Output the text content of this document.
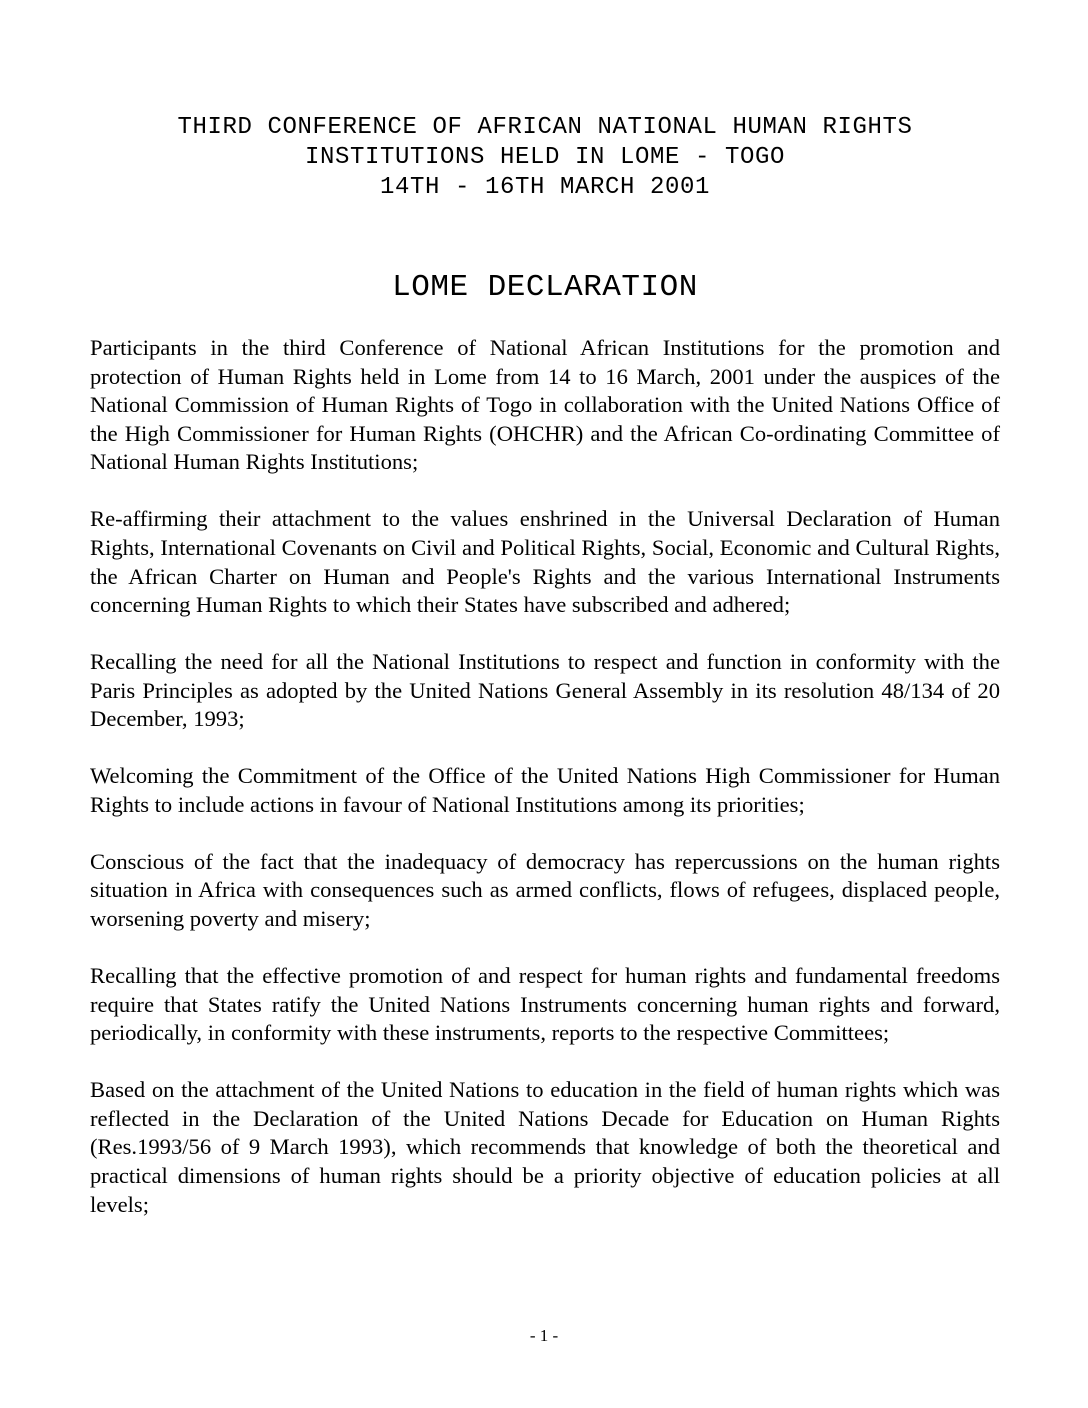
THIRD CONFERENCE OF AFRICAN NATIONAL HUMAN RIGHTS
INSTITUTIONS HELD IN LOME - TOGO
14TH - 16TH MARCH 2001
LOME DECLARATION

Participants in the third Conference of National African Institutions for the promotion and protection of Human Rights held in Lome from 14 to 16 March, 2001 under the auspices of the National Commission of Human Rights of Togo in collaboration with the United Nations Office of the High Commissioner for Human Rights (OHCHR) and the African Co-ordinating Committee of National Human Rights Institutions;

Re-affirming their attachment to the values enshrined in the Universal Declaration of Human Rights, International Covenants on Civil and Political Rights, Social, Economic and Cultural Rights, the African Charter on Human and People's Rights and the various International Instruments concerning Human Rights to which their States have subscribed and adhered;

Recalling the need for all the National Institutions to respect and function in conformity with the Paris Principles as adopted by the United Nations General Assembly in its resolution 48/134 of 20 December, 1993;

Welcoming the Commitment of the Office of the United Nations High Commissioner for Human Rights to include actions in favour of National Institutions among its priorities;

Conscious of the fact that the inadequacy of democracy has repercussions on the human rights situation in Africa with consequences such as armed conflicts, flows of refugees, displaced people, worsening poverty and misery;

Recalling that the effective promotion of and respect for human rights and fundamental freedoms require that States ratify the United Nations Instruments concerning human rights and forward, periodically, in conformity with these instruments, reports to the respective Committees;

Based on the attachment of the United Nations to education in the field of human rights which was reflected in the Declaration of the United Nations Decade for Education on Human Rights (Res.1993/56 of 9 March 1993), which recommends that knowledge of both the theoretical and practical dimensions of human rights should be a priority objective of education policies at all levels;

- 1 -
